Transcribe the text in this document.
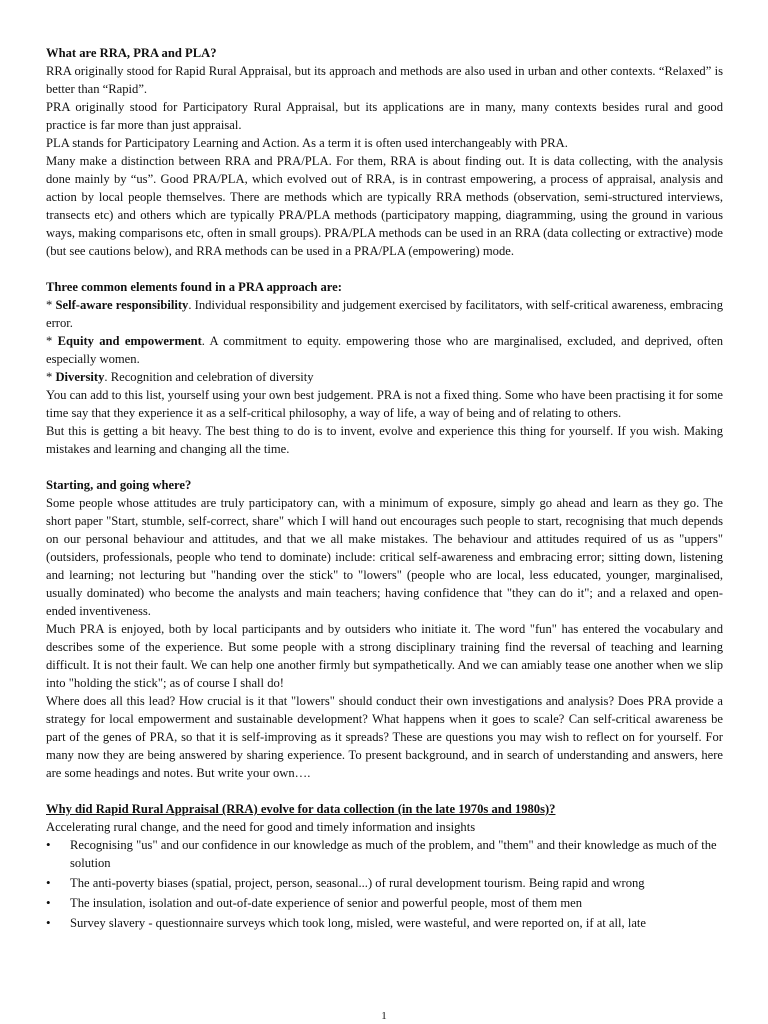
What are RRA, PRA and PLA?

RRA originally stood for Rapid Rural Appraisal, but its approach and methods are also used in urban and other contexts. “Relaxed” is better than “Rapid”.

PRA originally stood for Participatory Rural Appraisal, but its applications are in many, many contexts besides rural and good practice is far more than just appraisal.

PLA stands for Participatory Learning and Action. As a term it is often used interchangeably with PRA.

Many make a distinction between RRA and PRA/PLA. For them, RRA is about finding out. It is data collecting, with the analysis done mainly by “us”. Good PRA/PLA, which evolved out of RRA, is in contrast empowering, a process of appraisal, analysis and action by local people themselves. There are methods which are typically RRA methods (observation, semi-structured interviews, transects etc) and others which are typically PRA/PLA methods (participatory mapping, diagramming, using the ground in various ways, making comparisons etc, often in small groups). PRA/PLA methods can be used in an RRA (data collecting or extractive) mode (but see cautions below), and RRA methods can be used in a PRA/PLA (empowering) mode.

Three common elements found in a PRA approach are:

* Self-aware responsibility. Individual responsibility and judgement exercised by facilitators, with self-critical awareness, embracing error.

* Equity and empowerment. A commitment to equity. empowering those who are marginalised, excluded, and deprived, often especially women.

* Diversity. Recognition and celebration of diversity

You can add to this list, yourself using your own best judgement. PRA is not a fixed thing. Some who have been practising it for some time say that they experience it as a self-critical philosophy, a way of life, a way of being and of relating to others.

But this is getting a bit heavy. The best thing to do is to invent, evolve and experience this thing for yourself. If you wish. Making mistakes and learning and changing all the time.

Starting, and going where?

Some people whose attitudes are truly participatory can, with a minimum of exposure, simply go ahead and learn as they go. The short paper "Start, stumble, self-correct, share" which I will hand out encourages such people to start, recognising that much depends on our personal behaviour and attitudes, and that we all make mistakes. The behaviour and attitudes required of us as "uppers" (outsiders, professionals, people who tend to dominate) include: critical self-awareness and embracing error; sitting down, listening and learning; not lecturing but "handing over the stick" to "lowers" (people who are local, less educated, younger, marginalised, usually dominated) who become the analysts and main teachers; having confidence that "they can do it"; and a relaxed and open-ended inventiveness.

Much PRA is enjoyed, both by local participants and by outsiders who initiate it. The word "fun" has entered the vocabulary and describes some of the experience. But some people with a strong disciplinary training find the reversal of teaching and learning difficult. It is not their fault. We can help one another firmly but sympathetically. And we can amiably tease one another when we slip into "holding the stick"; as of course I shall do!

Where does all this lead? How crucial is it that "lowers" should conduct their own investigations and analysis? Does PRA provide a strategy for local empowerment and sustainable development? What happens when it goes to scale? Can self-critical awareness be part of the genes of PRA, so that it is self-improving as it spreads? These are questions you may wish to reflect on for yourself. For many now they are being answered by sharing experience. To present background, and in search of understanding and answers, here are some headings and notes. But write your own….

Why did Rapid Rural Appraisal (RRA) evolve for data collection (in the late 1970s and 1980s)?

Accelerating rural change, and the need for good and timely information and insights

• Recognising "us" and our confidence in our knowledge as much of the problem, and "them" and their knowledge as much of the solution
• The anti-poverty biases (spatial, project, person, seasonal...) of rural development tourism. Being rapid and wrong
• The insulation, isolation and out-of-date experience of senior and powerful people, most of them men
• Survey slavery - questionnaire surveys which took long, misled, were wasteful, and were reported on, if at all, late
1
